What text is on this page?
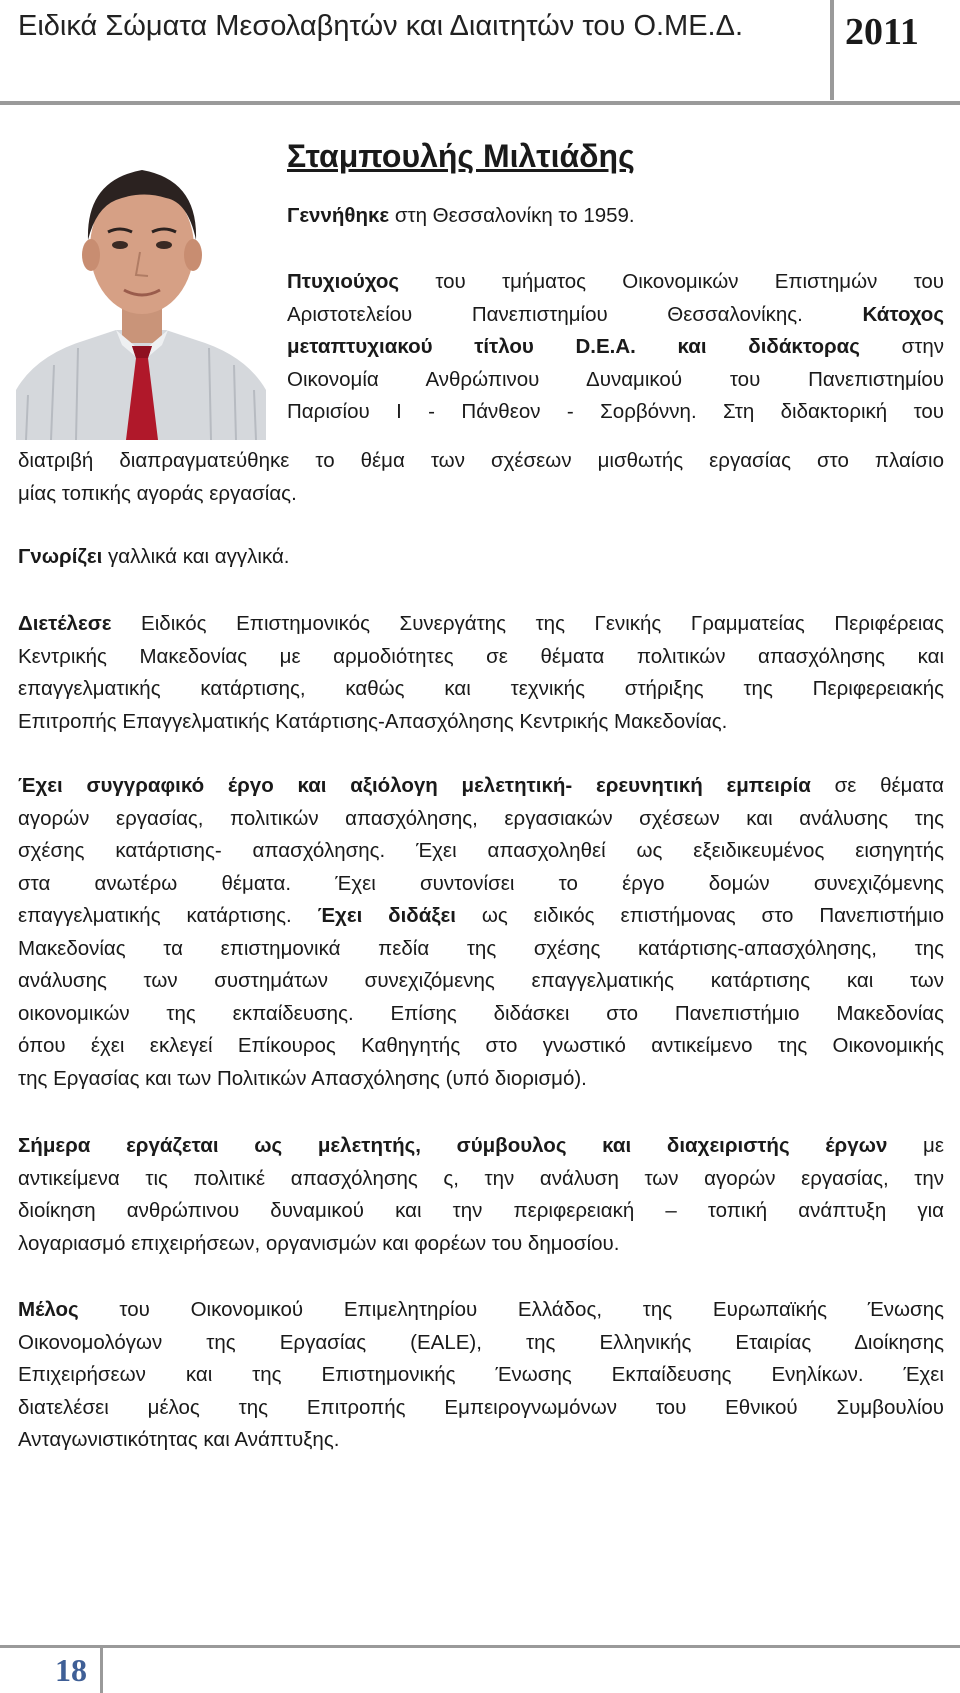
Ειδικά Σώματα Μεσολαβητών και Διαιτητών του Ο.ΜΕ.Δ.	2011
Σταμπουλής Μιλτιάδης

Γεννήθηκε στη Θεσσαλονίκη το 1959.

Πτυχιούχος του τμήματος Οικονομικών Επιστημών του
Αριστοτελείου Πανεπιστημίου Θεσσαλονίκης. Κάτοχος
μεταπτυχιακού τίτλου D.E.A. και διδάκτορας στην
Οικονομία Ανθρώπινου Δυναμικού του Πανεπιστημίου
Παρισίου Ι - Πάνθεον - Σορβόννη. Στη διδακτορική του

διατριβή διαπραγματεύθηκε το θέμα των σχέσεων μισθωτής εργασίας στο πλαίσιο
μίας τοπικής αγοράς εργασίας.

Γνωρίζει γαλλικά και αγγλικά.

Διετέλεσε Ειδικός Επιστημονικός Συνεργάτης της Γενικής Γραμματείας Περιφέρειας
Κεντρικής Μακεδονίας με αρμοδιότητες σε θέματα πολιτικών απασχόλησης και
επαγγελματικής κατάρτισης, καθώς και τεχνικής στήριξης της Περιφερειακής
Επιτροπής Επαγγελματικής Κατάρτισης-Απασχόλησης Κεντρικής Μακεδονίας.

Έχει συγγραφικό έργο και αξιόλογη μελετητική- ερευνητική εμπειρία σε θέματα
αγορών εργασίας, πολιτικών απασχόλησης, εργασιακών σχέσεων και ανάλυσης της
σχέσης κατάρτισης- απασχόλησης. Έχει απασχοληθεί ως εξειδικευμένος εισηγητής
στα ανωτέρω θέματα. Έχει συντονίσει το έργο δομών συνεχιζόμενης
επαγγελματικής κατάρτισης. Έχει διδάξει ως ειδικός επιστήμονας στο Πανεπιστήμιο
Μακεδονίας τα επιστημονικά πεδία της σχέσης κατάρτισης-απασχόλησης, της
ανάλυσης των συστημάτων συνεχιζόμενης επαγγελματικής κατάρτισης και των
οικονομικών της εκπαίδευσης. Επίσης διδάσκει στο Πανεπιστήμιο Μακεδονίας
όπου έχει εκλεγεί Επίκουρος Καθηγητής στο γνωστικό αντικείμενο της Οικονομικής
της Εργασίας και των Πολιτικών Απασχόλησης (υπό διορισμό).

Σήμερα εργάζεται ως μελετητής, σύμβουλος και διαχειριστής έργων με
αντικείμενα τις πολιτικέ απασχόλησης ς, την ανάλυση των αγορών εργασίας, την
διοίκηση ανθρώπινου δυναμικού και την περιφερειακή – τοπική ανάπτυξη για
λογαριασμό επιχειρήσεων, οργανισμών και φορέων του δημοσίου.

Μέλος του Οικονομικού Επιμελητηρίου Ελλάδος, της Ευρωπαϊκής Ένωσης
Οικονομολόγων της Εργασίας (EALE), της Ελληνικής Εταιρίας Διοίκησης
Επιχειρήσεων και της Επιστημονικής Ένωσης Εκπαίδευσης Ενηλίκων. Έχει
διατελέσει μέλος της Επιτροπής Εμπειρογνωμόνων του Εθνικού Συμβουλίου
Ανταγωνιστικότητας και Ανάπτυξης.

18
